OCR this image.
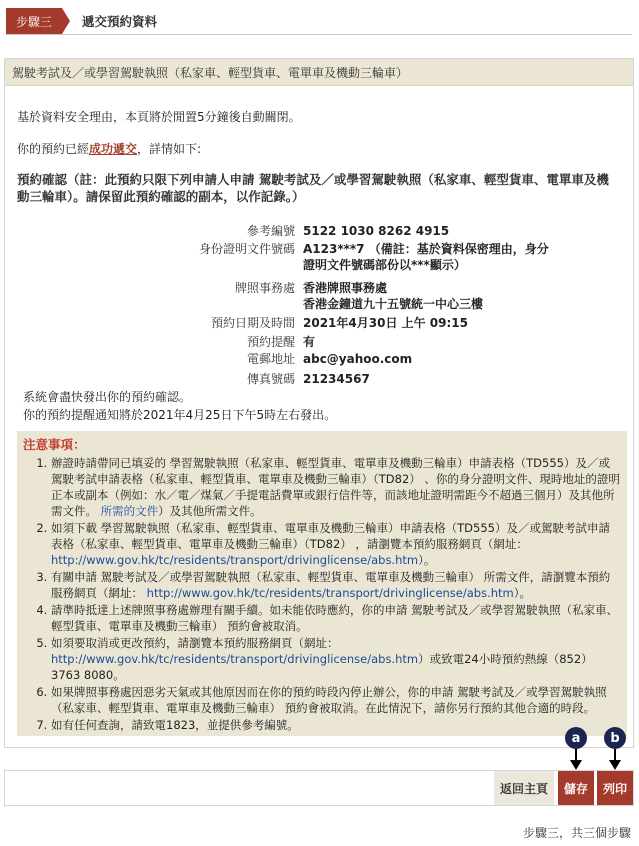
步驟三	遞交預約資料
駕駛考試及／或學習駕駛執照（私家車、輕型貨車、電單車及機動三輪車）
基於資料安全理由，本頁將於閒置5分鐘後自動關閉。
你的預約已經成功遞交，詳情如下:
預約確認（註：此預約只限下列申請人申請 駕駛考試及／或學習駕駛執照（私家車、輕型貨車、電單車及機動三輪車）。請保留此預約確認的副本，以作記錄。）
參考編號 5122 1030 8262 4915
身份證明文件號碼 A123***7 （備註：基於資料保密理由，身分
證明文件號碼部份以***顯示）
牌照事務處 香港牌照事務處
香港金鐘道九十五號統一中心三樓
預約日期及時間 2021年4月30日 上午 09:15
預約提醒 有
電郵地址 abc@yahoo.com
傳真號碼 21234567
系統會盡快發出你的預約確認。
你的預約提醒通知將於2021年4月25日下午5時左右發出。
注意事項：
1. 辦證時請帶同已填妥的 學習駕駛執照（私家車、輕型貨車、電單車及機動三輪車）申請表格（TD555）及／或駕駛考試申請表格（私家車、輕型貨車、電單車及機動三輪車）（TD82） 、你的身分證明文件、現時地址的證明正本或副本（例如：水／電／煤氣／手提電話費單或銀行信件等，而該地址證明需距今不超過三個月）及其他所需文件。 所需的文件）及其他所需文件。
2. 如須下載 學習駕駛執照（私家車、輕型貨車、電單車及機動三輪車）申請表格（TD555）及／或駕駛考試申請表格（私家車、輕型貨車、電單車及機動三輪車）（TD82） ，請瀏覽本預約服務網頁（網址：
http://www.gov.hk/tc/residents/transport/drivinglicense/abs.htm）。
3. 有關申請 駕駛考試及／或學習駕駛執照（私家車、輕型貨車、電單車及機動三輪車） 所需文件，請瀏覽本預約服務網頁（網址： http://www.gov.hk/tc/residents/transport/drivinglicense/abs.htm）。
4. 請準時抵達上述牌照事務處辦理有關手續。如未能依時應約，你的申請 駕駛考試及／或學習駕駛執照（私家車、輕型貨車、電單車及機動三輪車） 預約會被取消。
5. 如須要取消或更改預約，請瀏覽本預約服務網頁（網址： http://www.gov.hk/tc/residents/transport/drivinglicense/abs.htm）或致電24小時預約熱線（852） 3763 8080。
6. 如果牌照事務處因惡劣天氣或其他原因而在你的預約時段內停止辦公，你的申請 駕駛考試及／或學習駕駛執照（私家車、輕型貨車、電單車及機動三輪車） 預約會被取消。在此情況下，請你另行預約其他合適的時段。
7. 如有任何查詢，請致電1823，並提供參考編號。
a	b
返回主頁	儲存	列印
步驟三，共三個步驟
